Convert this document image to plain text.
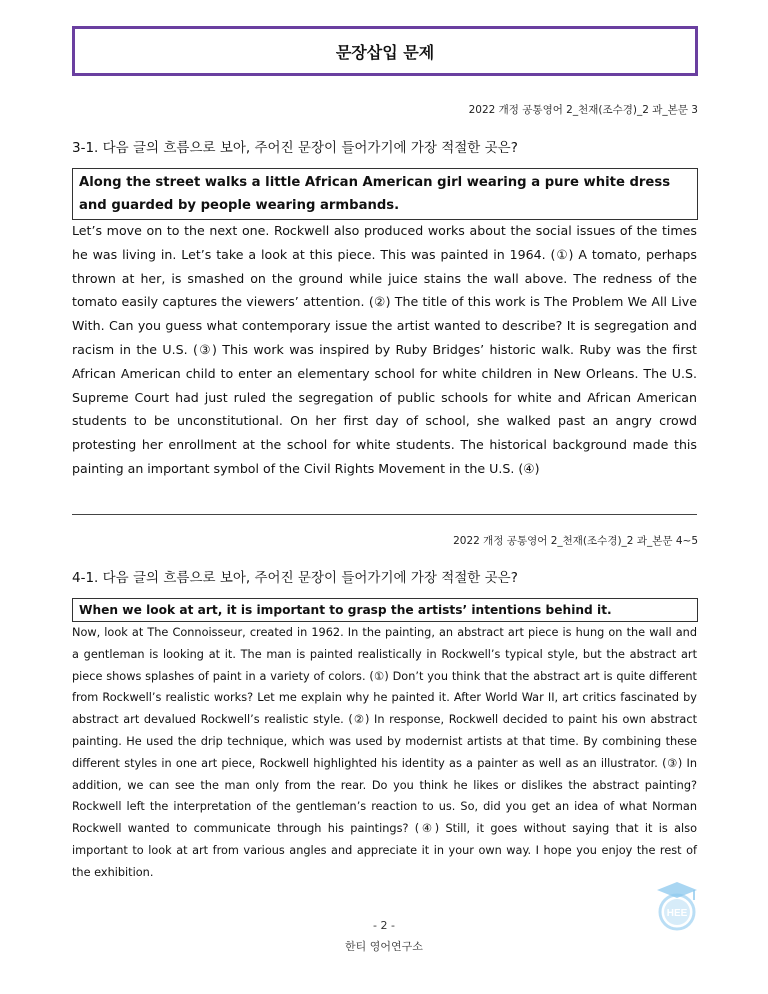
문장삽입 문제
2022 개정 공통영어 2_천재(조수경)_2 과_본문 3
3-1. 다음 글의 흐름으로 보아, 주어진 문장이 들어가기에 가장 적절한 곳은?
Along the street walks a little African American girl wearing a pure white dress and guarded by people wearing armbands.
Let’s move on to the next one. Rockwell also produced works about the social issues of the times he was living in. Let’s take a look at this piece. This was painted in 1964. (①) A tomato, perhaps thrown at her, is smashed on the ground while juice stains the wall above. The redness of the tomato easily captures the viewers’ attention. (②) The title of this work is The Problem We All Live With. Can you guess what contemporary issue the artist wanted to describe? It is segregation and racism in the U.S. (③) This work was inspired by Ruby Bridges’ historic walk. Ruby was the first African American child to enter an elementary school for white children in New Orleans. The U.S. Supreme Court had just ruled the segregation of public schools for white and African American students to be unconstitutional. On her first day of school, she walked past an angry crowd protesting her enrollment at the school for white students. The historical background made this painting an important symbol of the Civil Rights Movement in the U.S. (④)
2022 개정 공통영어 2_천재(조수경)_2 과_본문 4~5
4-1. 다음 글의 흐름으로 보아, 주어진 문장이 들어가기에 가장 적절한 곳은?
When we look at art, it is important to grasp the artists’ intentions behind it.
Now, look at The Connoisseur, created in 1962. In the painting, an abstract art piece is hung on the wall and a gentleman is looking at it. The man is painted realistically in Rockwell’s typical style, but the abstract art piece shows splashes of paint in a variety of colors. (①) Don’t you think that the abstract art is quite different from Rockwell’s realistic works? Let me explain why he painted it. After World War II, art critics fascinated by abstract art devalued Rockwell’s realistic style. (②) In response, Rockwell decided to paint his own abstract painting. He used the drip technique, which was used by modernist artists at that time. By combining these different styles in one art piece, Rockwell highlighted his identity as a painter as well as an illustrator. (③) In addition, we can see the man only from the rear. Do you think he likes or dislikes the abstract painting? Rockwell left the interpretation of the gentleman’s reaction to us. So, did you get an idea of what Norman Rockwell wanted to communicate through his paintings? (④) Still, it goes without saying that it is also important to look at art from various angles and appreciate it in your own way. I hope you enjoy the rest of the exhibition.
- 2 -
한티 영어연구소
HEE
